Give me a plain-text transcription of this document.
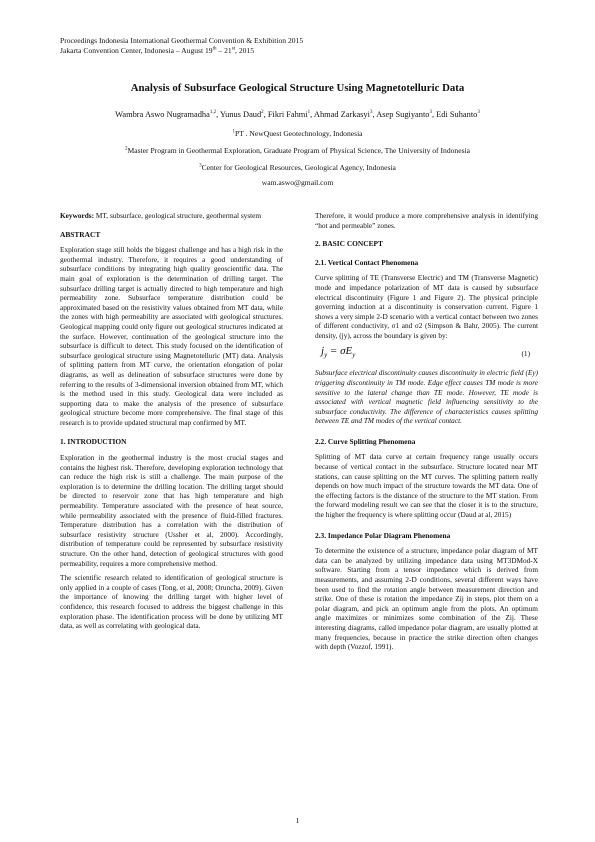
Proceedings Indonesia International Geothermal Convention & Exhibition 2015
Jakarta Convention Center, Indonesia – August 19th – 21st, 2015
Analysis of Subsurface Geological Structure Using Magnetotelluric Data
Wambra Aswo Nugramadha$^{1,2}$, Yunus Daud$^2$, Fikri Fahmi$^1$, Ahmad Zarkasyi$^3$, Asep Sugiyanto$^3$, Edi Suhanto$^3$
$^1$PT . NewQuest Geotechnology, Indonesia
$^2$Master Program in Geothermal Exploration, Graduate Program of Physical Science, The University of Indonesia
$^3$Center for Geological Resources, Geological Agency, Indonesia
wam.aswo@gmail.com

Keywords: MT, subsurface, geological structure, geothermal system

ABSTRACT

Exploration stage still holds the biggest challenge and has a high risk in the geothermal industry. Therefore, it requires a good understanding of subsurface conditions by integrating high quality geoscientific data. The main goal of exploration is the determination of drilling target. The subsurface drilling target is actually directed to high temperature and high permeability zone. Subsurface temperature distribution could be approximated based on the resistivity values obtained from MT data, while the zones with high permeability are associated with geological structures. Geological mapping could only figure out geological structures indicated at the surface. However, continuation of the geological structure into the subsurface is difficult to detect. This study focused on the identification of subsurface geological structure using Magnetotelluric (MT) data. Analysis of splitting pattern from MT curve, the orientation elongation of polar diagrams, as well as delineation of subsurface structures were done by referring to the results of 3-dimensional inversion obtained from MT, which is the method used in this study. Geological data were included as supporting data to make the analysis of the presence of subsurface geological structure become more comprehensive. The final stage of this research is to provide updated structural map confirmed by MT.

1. INTRODUCTION

Exploration in the geothermal industry is the most crucial stages and contains the highest risk. Therefore, developing exploration technology that can reduce the high risk is still a challenge. The main purpose of the exploration is to determine the drilling location. The drilling target should be directed to reservoir zone that has high temperature and high permeability. Temperature associated with the presence of heat source, while permeability associated with the presence of fluid-filled fractures. Temperature distribution has a correlation with the distribution of subsurface resistivity structure (Ussher et al, 2000). Accordingly, distribution of temperature could be represented by subsurface resistivity structure. On the other hand, detection of geological structures with good permeability, requires a more comprehensive method.

The scientific research related to identification of geological structure is only applied in a couple of cases (Tong, et al, 2008; Oruncha, 2009). Given the importance of knowing the drilling target with higher level of confidence, this research focused to address the biggest challenge in this exploration phase. The identification process will be done by utilizing MT data, as well as correlating with geological data.

Therefore, it would produce a more comprehensive analysis in identifying “hot and permeable” zones.

2. BASIC CONCEPT
2.1. Vertical Contact Phenomena

Curve splitting of TE (Transverse Electric) and TM (Transverse Magnetic) mode and impedance polarization of MT data is caused by subsurface electrical discontinuity (Figure 1 and Figure 2). The physical principle governing induction at a discontinuity is conservation current. Figure 1 shows a very simple 2-D scenario with a vertical contact between two zones of different conductivity, σ1 and σ2 (Simpson & Bahr, 2005). The current density, (jy), across the boundary is given by:

$j_y = \sigma E_y$	(1)

Subsurface electrical discontinuity causes discontinuity in electric field (Ey) triggering discontinuity in TM mode. Edge effect causes TM mode is more sensitive to the lateral change than TE mode. However, TE mode is associated with vertical magnetic field influencing sensitivity to the subsurface conductivity. The difference of characteristics causes splitting between TE and TM modes of the vertical contact.

2.2. Curve Splitting Phenomena

Splitting of MT data curve at certain frequency range usually occurs because of vertical contact in the subsurface. Structure located near MT stations, can cause splitting on the MT curves. The splitting pattern really depends on how much impact of the structure towards the MT data. One of the effecting factors is the distance of the structure to the MT station. From the forward modeling result we can see that the closer it is to the structure, the higher the frequency is where splitting occur (Daud at al, 2015)

2.3. Impedance Polar Diagram Phenomena

To determine the existence of a structure, impedance polar diagram of MT data can be analyzed by utilizing impedance data using MT3DMod-X software. Starting from a tensor impedance which is derived from measurements, and assuming 2-D conditions, several different ways have been used to find the rotation angle between measurement direction and strike. One of these is rotation the impedance Zij in steps, plot them on a polar diagram, and pick an optimum angle from the plots. An optimum angle maximizes or minimizes some combination of the Zij. These interesting diagrams, called impedance polar diagram, are usually plotted at many frequencies, because in practice the strike direction often changes with depth (Vozzof, 1991).

1
